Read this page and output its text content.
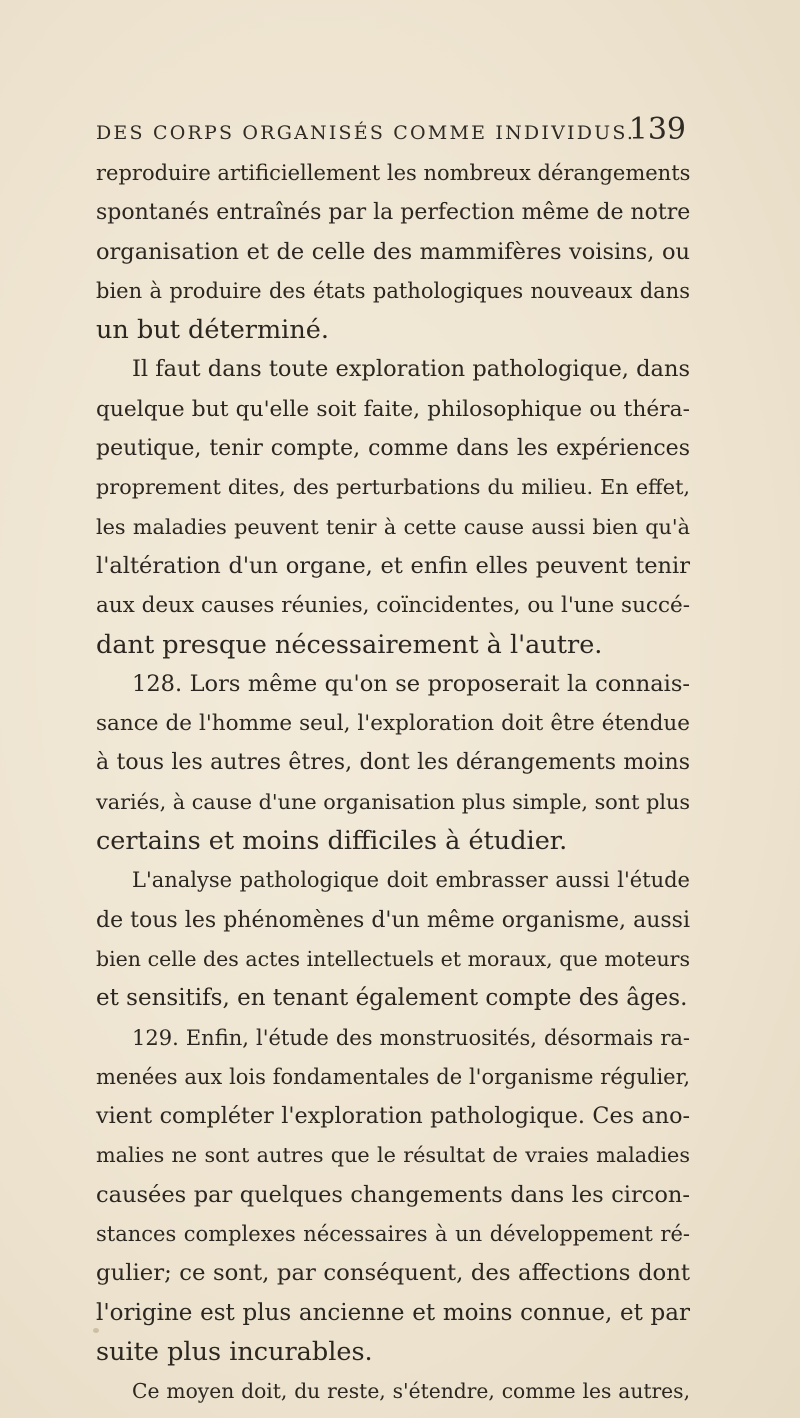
DES CORPS ORGANISÉS COMME INDIVIDUS.
139
reproduire artificiellement les nombreux dérangements
spontanés entraînés par la perfection même de notre
organisation et de celle des mammifères voisins, ou
bien à produire des états pathologiques nouveaux dans
un but déterminé.
Il faut dans toute exploration pathologique, dans
quelque but qu'elle soit faite, philosophique ou théra-
peutique, tenir compte, comme dans les expériences
proprement dites, des perturbations du milieu. En effet,
les maladies peuvent tenir à cette cause aussi bien qu'à
l'altération d'un organe, et enfin elles peuvent tenir
aux deux causes réunies, coïncidentes, ou l'une succé-
dant presque nécessairement à l'autre.
128. Lors même qu'on se proposerait la connais-
sance de l'homme seul, l'exploration doit être étendue
à tous les autres êtres, dont les dérangements moins
variés, à cause d'une organisation plus simple, sont plus
certains et moins difficiles à étudier.
L'analyse pathologique doit embrasser aussi l'étude
de tous les phénomènes d'un même organisme, aussi
bien celle des actes intellectuels et moraux, que moteurs
et sensitifs, en tenant également compte des âges.
129. Enfin, l'étude des monstruosités, désormais ra-
menées aux lois fondamentales de l'organisme régulier,
vient compléter l'exploration pathologique. Ces ano-
malies ne sont autres que le résultat de vraies maladies
causées par quelques changements dans les circon-
stances complexes nécessaires à un développement ré-
gulier; ce sont, par conséquent, des affections dont
l'origine est plus ancienne et moins connue, et par
suite plus incurables.
Ce moyen doit, du reste, s'étendre, comme les autres,
